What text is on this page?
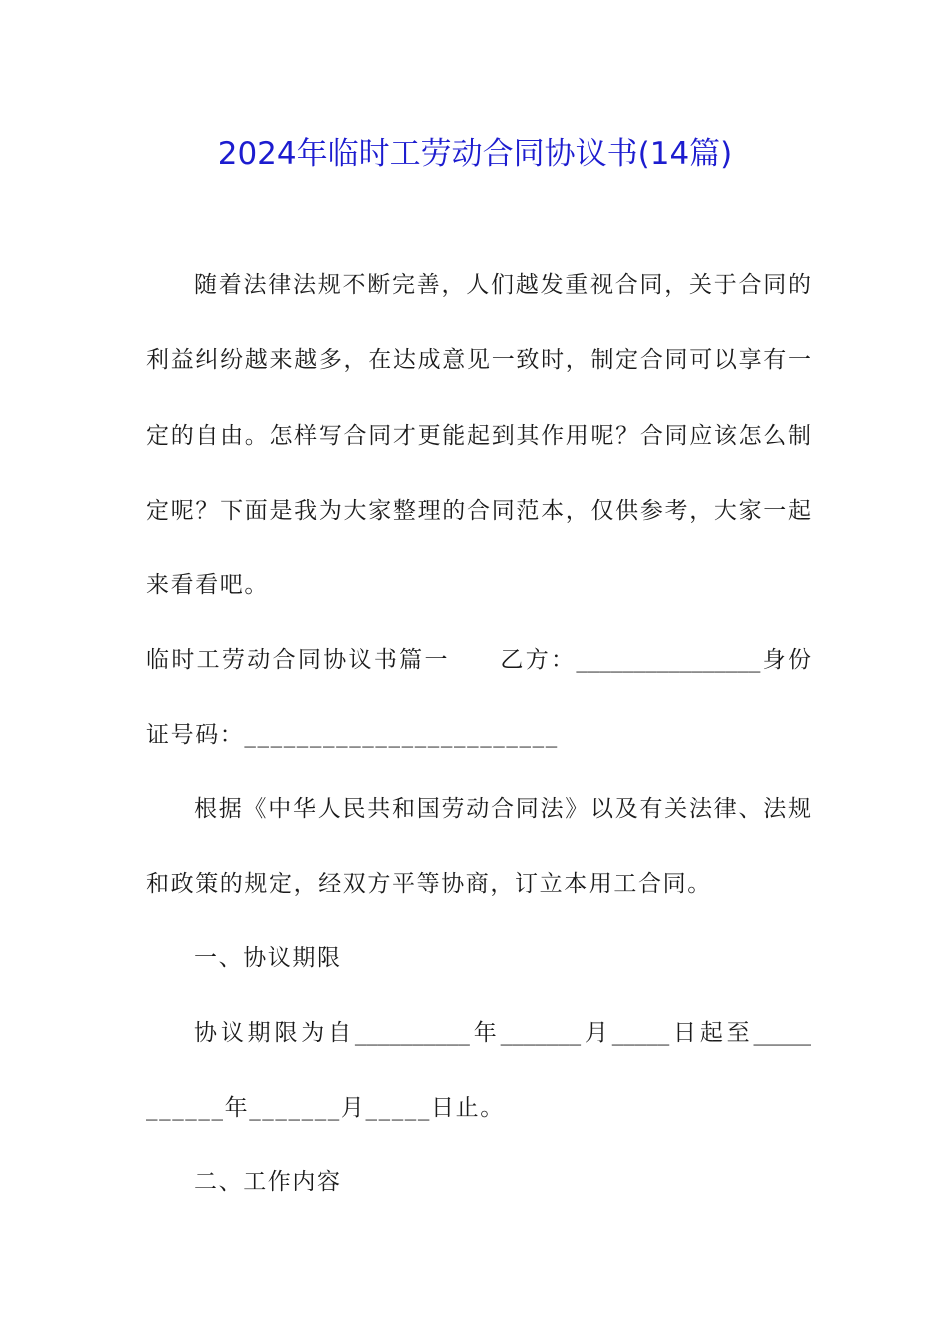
2024年临时工劳动合同协议书(14篇)
随着法律法规不断完善，人们越发重视合同，关于合同的
利益纠纷越来越多，在达成意见一致时，制定合同可以享有一
定的自由。怎样写合同才更能起到其作用呢？合同应该怎么制
定呢？下面是我为大家整理的合同范本，仅供参考，大家一起
来看看吧。
临时工劳动合同协议书篇一　　乙方：________________身份
证号码：________________________
根据《中华人民共和国劳动合同法》以及有关法律、法规
和政策的规定，经双方平等协商，订立本用工合同。
一、协议期限
协议期限为自__________年_______月_____日起至_____
______年_______月_____日止。
二、工作内容
